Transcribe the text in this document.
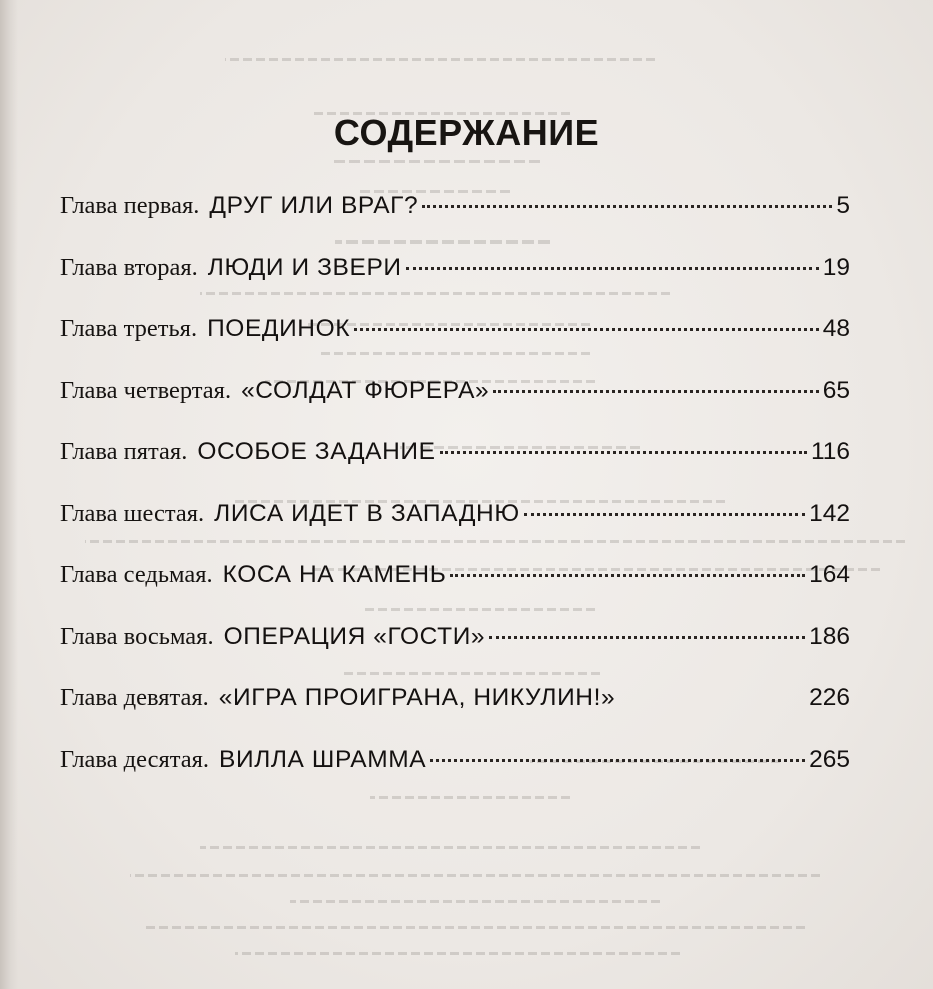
СОДЕРЖАНИЕ
Глава первая. ДРУГ ИЛИ ВРАГ?	5
Глава вторая. ЛЮДИ И ЗВЕРИ	19
Глава третья. ПОЕДИНОК	48
Глава четвертая. «СОЛДАТ ФЮРЕРА»	65
Глава пятая. ОСОБОЕ ЗАДАНИЕ	116
Глава шестая. ЛИСА ИДЕТ В ЗАПАДНЮ	142
Глава седьмая. КОСА НА КАМЕНЬ	164
Глава восьмая. ОПЕРАЦИЯ «ГОСТИ»	186
Глава девятая. «ИГРА ПРОИГРАНА, НИКУЛИН!»	226
Глава десятая. ВИЛЛА ШРАММА	265
